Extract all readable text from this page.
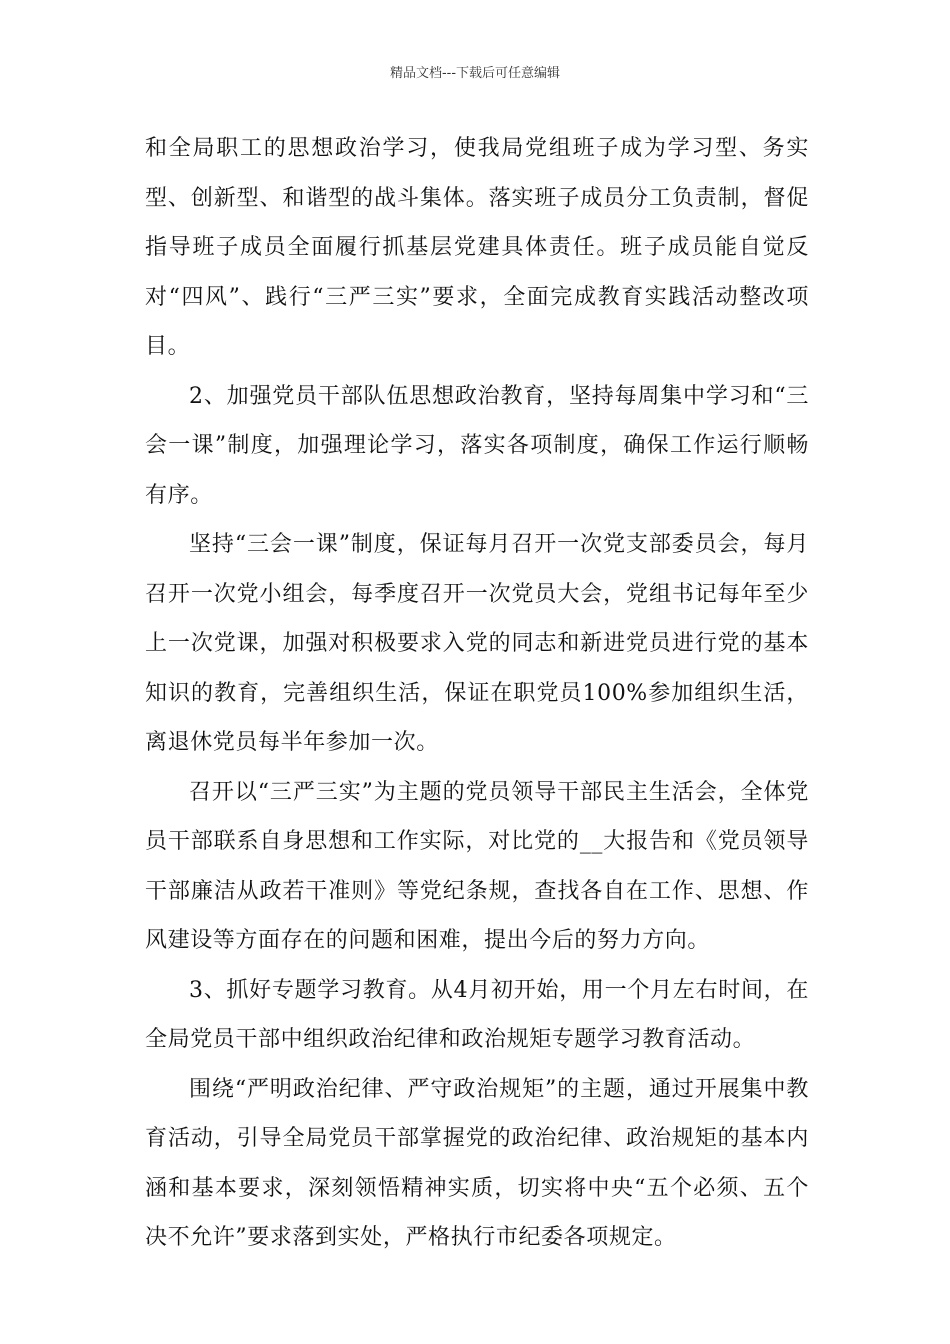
精品文档---下载后可任意编辑

和全局职工的思想政治学习，使我局党组班子成为学习型、务实型、创新型、和谐型的战斗集体。落实班子成员分工负责制，督促指导班子成员全面履行抓基层党建具体责任。班子成员能自觉反对“四风”、践行“三严三实”要求，全面完成教育实践活动整改项目。

2、加强党员干部队伍思想政治教育，坚持每周集中学习和“三会一课”制度，加强理论学习，落实各项制度，确保工作运行顺畅有序。

坚持“三会一课”制度，保证每月召开一次党支部委员会，每月召开一次党小组会，每季度召开一次党员大会，党组书记每年至少上一次党课，加强对积极要求入党的同志和新进党员进行党的基本知识的教育，完善组织生活，保证在职党员100%参加组织生活，离退休党员每半年参加一次。

召开以“三严三实”为主题的党员领导干部民主生活会，全体党员干部联系自身思想和工作实际，对比党的__大报告和《党员领导干部廉洁从政若干准则》等党纪条规，查找各自在工作、思想、作风建设等方面存在的问题和困难，提出今后的努力方向。

3、抓好专题学习教育。从4月初开始，用一个月左右时间，在全局党员干部中组织政治纪律和政治规矩专题学习教育活动。

围绕“严明政治纪律、严守政治规矩”的主题，通过开展集中教育活动，引导全局党员干部掌握党的政治纪律、政治规矩的基本内涵和基本要求，深刻领悟精神实质，切实将中央“五个必须、五个决不允许”要求落到实处，严格执行市纪委各项规定。
